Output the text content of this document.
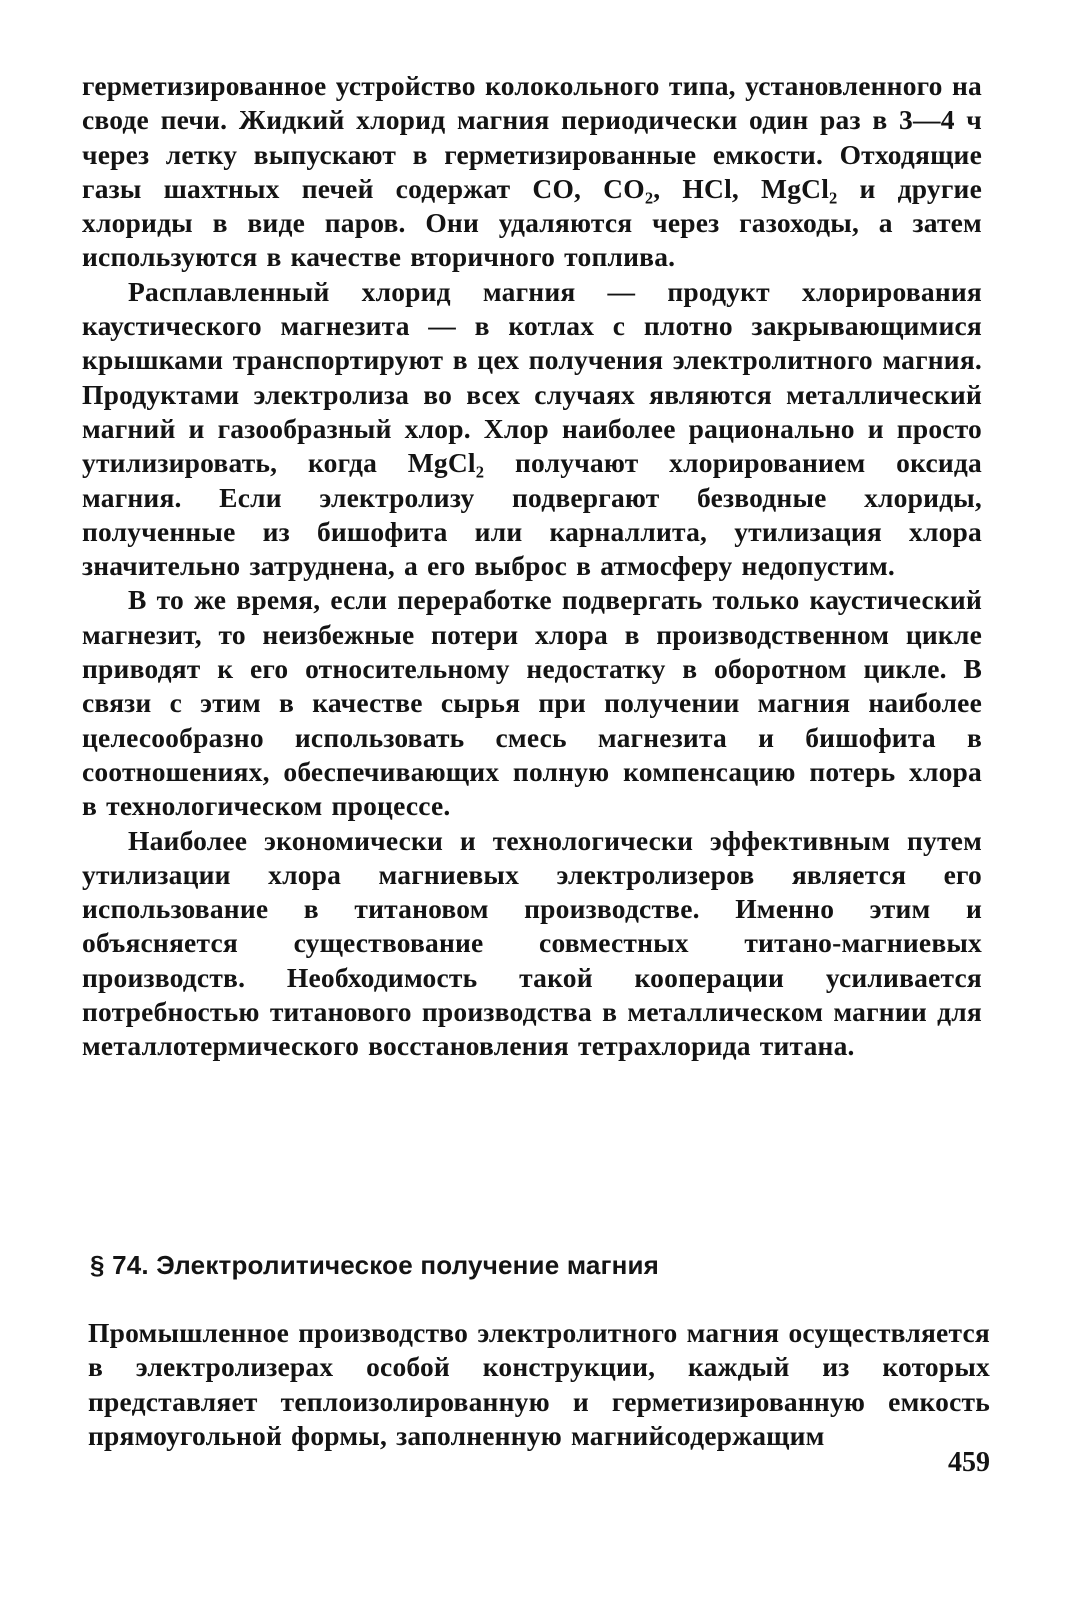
герметизированное устройство колокольного типа, установленного на своде печи. Жидкий хлорид магния периодически один раз в 3—4 ч через летку выпускают в герметизированные емкости. Отходящие газы шахтных печей содержат CO, CO₂, HCl, MgCl₂ и другие хлориды в виде паров. Они удаляются через газоходы, а затем используются в качестве вторичного топлива.

Расплавленный хлорид магния — продукт хлорирования каустического магнезита — в котлах с плотно закрывающимися крышками транспортируют в цех получения электролитного магния. Продуктами электролиза во всех случаях являются металлический магний и газообразный хлор. Хлор наиболее рационально и просто утилизировать, когда MgCl₂ получают хлорированием оксида магния. Если электролизу подвергают безводные хлориды, полученные из бишофита или карналлита, утилизация хлора значительно затруднена, а его выброс в атмосферу недопустим.

В то же время, если переработке подвергать только каустический магнезит, то неизбежные потери хлора в производственном цикле приводят к его относительному недостатку в оборотном цикле. В связи с этим в качестве сырья при получении магния наиболее целесообразно использовать смесь магнезита и бишофита в соотношениях, обеспечивающих полную компенсацию потерь хлора в технологическом процессе.

Наиболее экономически и технологически эффективным путем утилизации хлора магниевых электролизеров является его использование в титановом производстве. Именно этим и объясняется существование совместных титано-магниевых производств. Необходимость такой кооперации усиливается потребностью титанового производства в металлическом магнии для металлотермического восстановления тетрахлорида титана.

§ 74. Электролитическое получение магния

Промышленное производство электролитного магния осуществляется в электролизерах особой конструкции, каждый из которых представляет теплоизолированную и герметизированную емкость прямоугольной формы, заполненную магнийсодержащим

459
